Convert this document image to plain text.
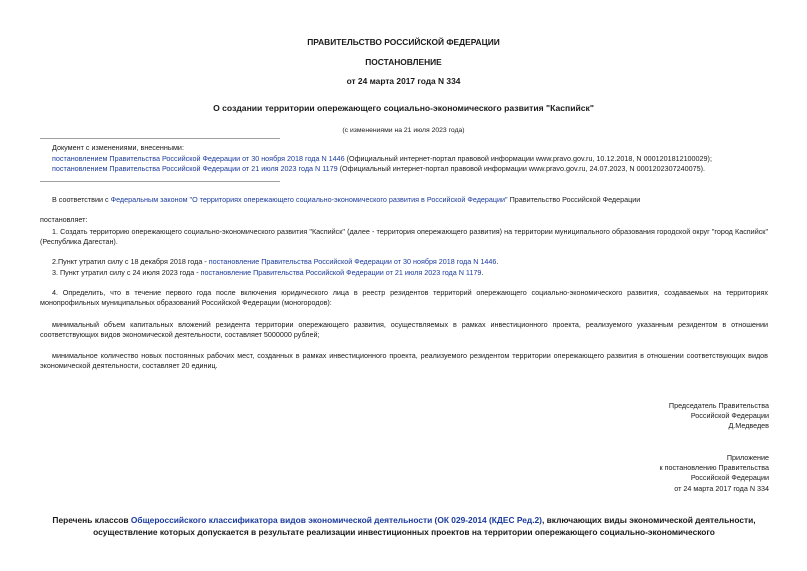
ПРАВИТЕЛЬСТВО РОССИЙСКОЙ ФЕДЕРАЦИИ
ПОСТАНОВЛЕНИЕ
от 24 марта 2017 года N 334
О создании территории опережающего социально-экономического развития "Каспийск"
(с изменениями на 21 июля 2023 года)
Документ с изменениями, внесенными:
постановлением Правительства Российской Федерации от 30 ноября 2018 года N 1446 (Официальный интернет-портал правовой информации www.pravo.gov.ru, 10.12.2018, N 0001201812100029);
постановлением Правительства Российской Федерации от 21 июля 2023 года N 1179 (Официальный интернет-портал правовой информации www.pravo.gov.ru, 24.07.2023, N 0001202307240075).
В соответствии с Федеральным законом "О территориях опережающего социально-экономического развития в Российской Федерации" Правительство Российской Федерации
постановляет:
1. Создать территорию опережающего социально-экономического развития "Каспийск" (далее - территория опережающего развития) на территории муниципального образования городской округ "город Каспийск" (Республика Дагестан).
2.Пункт утратил силу с 18 декабря 2018 года - постановление Правительства Российской Федерации от 30 ноября 2018 года N 1446.
3. Пункт утратил силу с 24 июля 2023 года - постановление Правительства Российской Федерации от 21 июля 2023 года N 1179.
4. Определить, что в течение первого года после включения юридического лица в реестр резидентов территорий опережающего социально-экономического развития, создаваемых на территориях монопрофильных муниципальных образований Российской Федерации (моногородов):
минимальный объем капитальных вложений резидента территории опережающего развития, осуществляемых в рамках инвестиционного проекта, реализуемого указанным резидентом в отношении соответствующих видов экономической деятельности, составляет 5000000 рублей;
минимальное количество новых постоянных рабочих мест, созданных в рамках инвестиционного проекта, реализуемого резидентом территории опережающего развития в отношении соответствующих видов экономической деятельности, составляет 20 единиц.
Председатель Правительства
Российской Федерации
Д.Медведев
Приложение
к постановлению Правительства
Российской Федерации
от 24 марта 2017 года N 334
Перечень классов Общероссийского классификатора видов экономической деятельности (ОК 029-2014 (КДЕС Ред.2), включающих виды экономической деятельности, осуществление которых допускается в результате реализации инвестиционных проектов на территории опережающего социально-экономического
